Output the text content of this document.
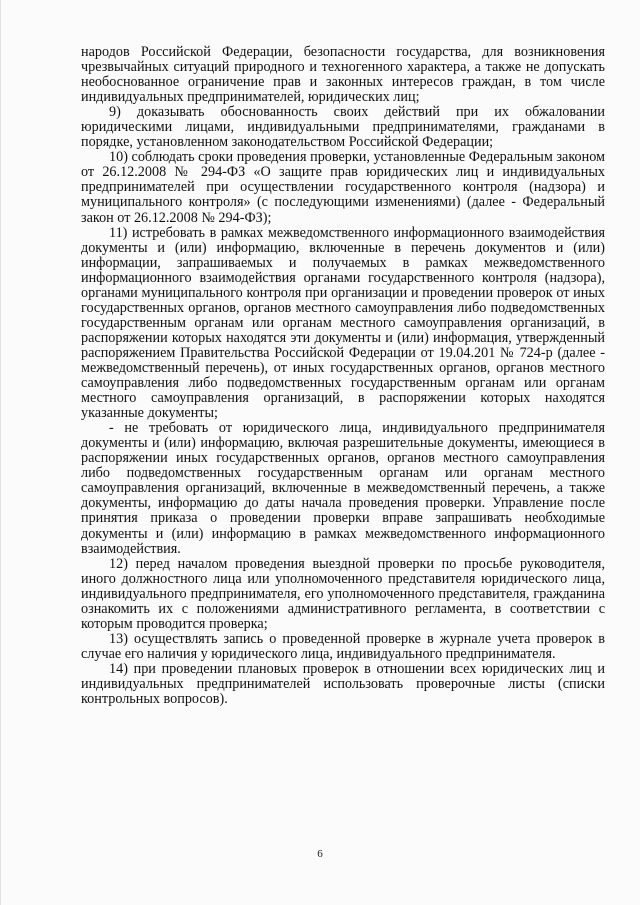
народов Российской Федерации, безопасности государства, для возникновения чрезвычайных ситуаций природного и техногенного характера, а также не допускать необоснованное ограничение прав и законных интересов граждан, в том числе индивидуальных предпринимателей, юридических лиц;

9) доказывать обоснованность своих действий при их обжаловании юридическими лицами, индивидуальными предпринимателями, гражданами в порядке, установленном законодательством Российской Федерации;

10) соблюдать сроки проведения проверки, установленные Федеральным законом от 26.12.2008 № 294-ФЗ «О защите прав юридических лиц и индивидуальных предпринимателей при осуществлении государственного контроля (надзора) и муниципального контроля» (с последующими изменениями) (далее - Федеральный закон от 26.12.2008 № 294-ФЗ);

11) истребовать в рамках межведомственного информационного взаимодействия документы и (или) информацию, включенные в перечень документов и (или) информации, запрашиваемых и получаемых в рамках межведомственного информационного взаимодействия органами государственного контроля (надзора), органами муниципального контроля при организации и проведении проверок от иных государственных органов, органов местного самоуправления либо подведомственных государственным органам или органам местного самоуправления организаций, в распоряжении которых находятся эти документы и (или) информация, утвержденный распоряжением Правительства Российской Федерации от 19.04.201 № 724-р (далее - межведомственный перечень), от иных государственных органов, органов местного самоуправления либо подведомственных государственным органам или органам местного самоуправления организаций, в распоряжении которых находятся указанные документы;

- не требовать от юридического лица, индивидуального предпринимателя документы и (или) информацию, включая разрешительные документы, имеющиеся в распоряжении иных государственных органов, органов местного самоуправления либо подведомственных государственным органам или органам местного самоуправления организаций, включенные в межведомственный перечень, а также документы, информацию до даты начала проведения проверки. Управление после принятия приказа о проведении проверки вправе запрашивать необходимые документы и (или) информацию в рамках межведомственного информационного взаимодействия.

12) перед началом проведения выездной проверки по просьбе руководителя, иного должностного лица или уполномоченного представителя юридического лица, индивидуального предпринимателя, его уполномоченного представителя, гражданина ознакомить их с положениями административного регламента, в соответствии с которым проводится проверка;

13) осуществлять запись о проведенной проверке в журнале учета проверок в случае его наличия у юридического лица, индивидуального предпринимателя.

14) при проведении плановых проверок в отношении всех юридических лиц и индивидуальных предпринимателей использовать проверочные листы (списки контрольных вопросов).

6
